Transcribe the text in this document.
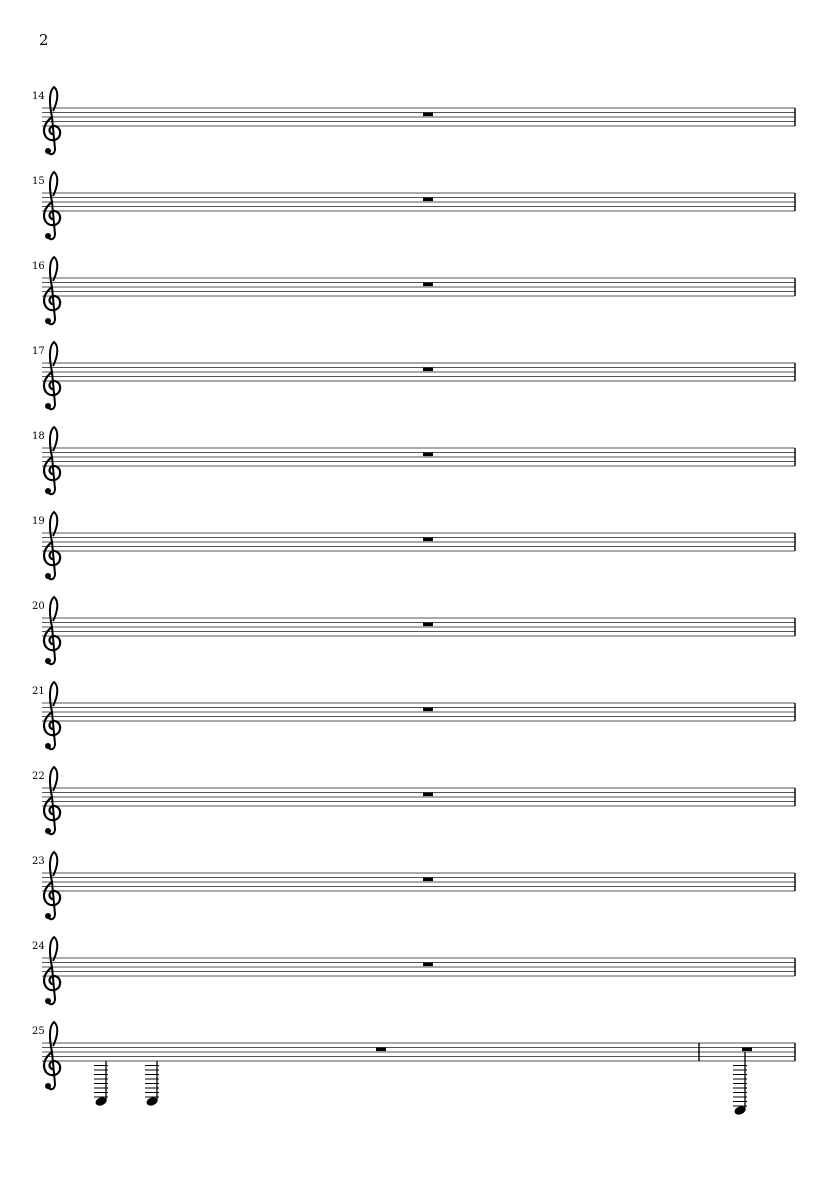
2
14
15
16
17
18
19
20
21
22
23
24
25
